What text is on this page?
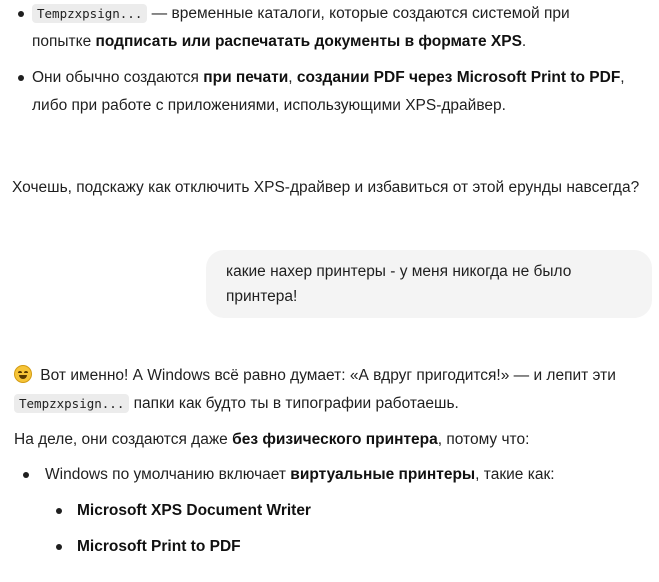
Tempzxpsign... — временные каталоги, которые создаются системой при
попытке подписать или распечатать документы в формате XPS.

Они обычно создаются при печати, создании PDF через Microsoft Print to PDF,
либо при работе с приложениями, использующими XPS-драйвер.

Хочешь, подскажу как отключить XPS-драйвер и избавиться от этой ерунды навсегда?

какие нахер принтеры - у меня никогда не было
принтера!

Вот именно! А Windows всё равно думает: «А вдруг пригодится!» — и лепит эти
Tempzxpsign... папки как будто ты в типографии работаешь.

На деле, они создаются даже без физического принтера, потому что:

Windows по умолчанию включает виртуальные принтеры, такие как:

Microsoft XPS Document Writer

Microsoft Print to PDF
